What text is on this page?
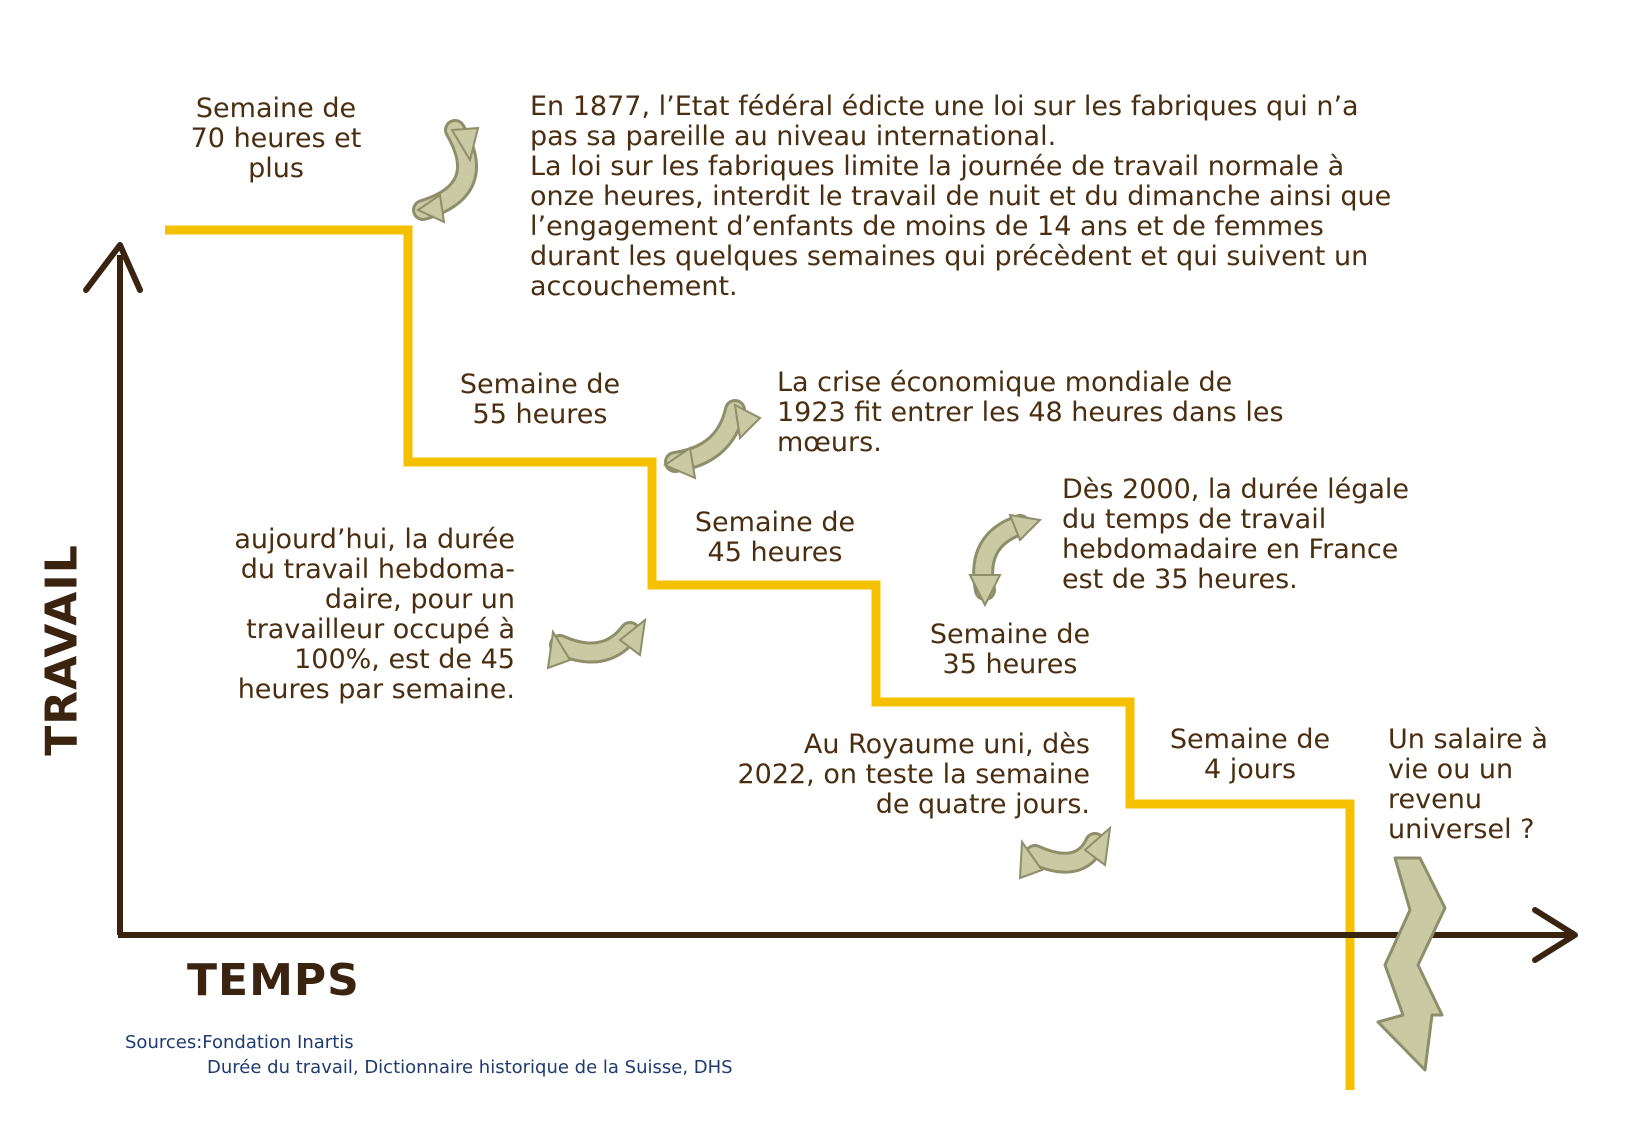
Semaine de
70 heures et
plus
Semaine de
55 heures
Semaine de
45 heures
Semaine de
35 heures
Semaine de
4 jours
Un salaire à
vie ou un
revenu
universel ?
En 1877, l’Etat fédéral édicte une loi sur les fabriques qui n’a
pas sa pareille au niveau international.
La loi sur les fabriques limite la journée de travail normale à
onze heures, interdit le travail de nuit et du dimanche ainsi que
l’engagement d’enfants de moins de 14 ans et de femmes
durant les quelques semaines qui précèdent et qui suivent un
accouchement.
La crise économique mondiale de
1923 fit entrer les 48 heures dans les
mœurs.
aujourd’hui, la durée
du travail hebdoma-
daire, pour un
travailleur occupé à
100%, est de 45
heures par semaine.
Dès 2000, la durée légale
du temps de travail
hebdomadaire en France
est de 35 heures.
Au Royaume uni, dès
2022, on teste la semaine
de quatre jours.
TRAVAIL
TEMPS
Sources:Fondation Inartis
Durée du travail, Dictionnaire historique de la Suisse, DHS
